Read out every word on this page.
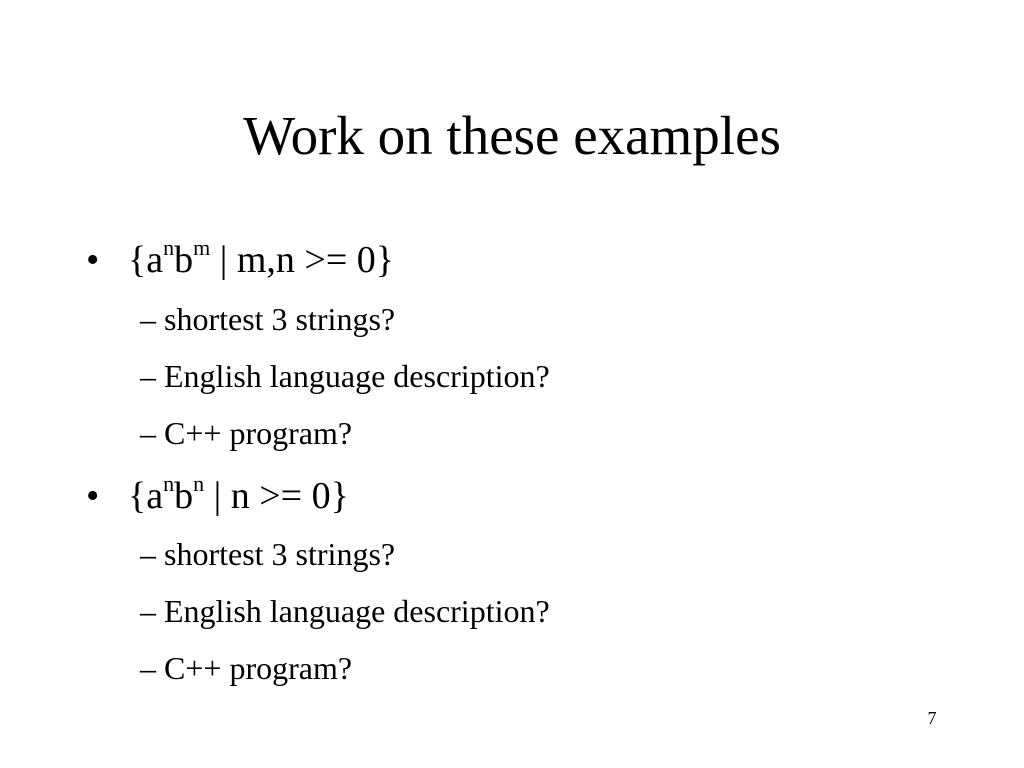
Work on these examples
• {$a^nb^m$ | m,n >= 0}
– shortest 3 strings?
– English language description?
– C++ program?
• {$a^nb^n$ | n >= 0}
– shortest 3 strings?
– English language description?
– C++ program?
7
